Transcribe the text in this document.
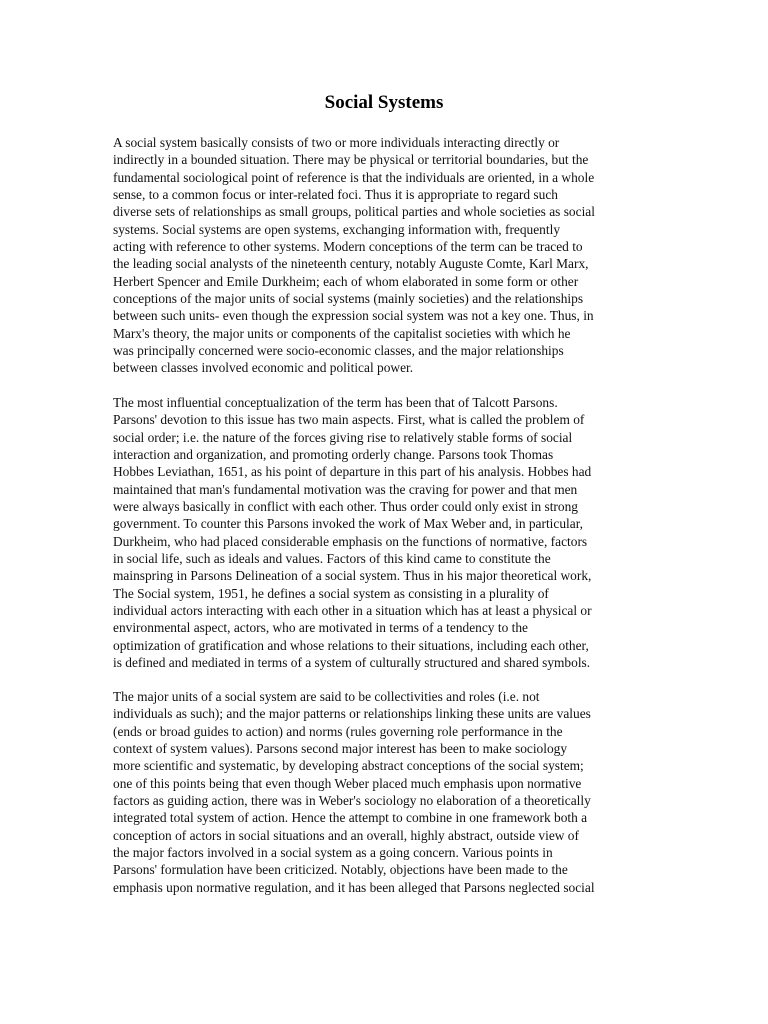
Social Systems

A social system basically consists of two or more individuals interacting directly or
indirectly in a bounded situation. There may be physical or territorial boundaries, but the
fundamental sociological point of reference is that the individuals are oriented, in a whole
sense, to a common focus or inter-related foci. Thus it is appropriate to regard such
diverse sets of relationships as small groups, political parties and whole societies as social
systems. Social systems are open systems, exchanging information with, frequently
acting with reference to other systems. Modern conceptions of the term can be traced to
the leading social analysts of the nineteenth century, notably Auguste Comte, Karl Marx,
Herbert Spencer and Emile Durkheim; each of whom elaborated in some form or other
conceptions of the major units of social systems (mainly societies) and the relationships
between such units- even though the expression social system was not a key one. Thus, in
Marx's theory, the major units or components of the capitalist societies with which he
was principally concerned were socio-economic classes, and the major relationships
between classes involved economic and political power.

The most influential conceptualization of the term has been that of Talcott Parsons.
Parsons' devotion to this issue has two main aspects. First, what is called the problem of
social order; i.e. the nature of the forces giving rise to relatively stable forms of social
interaction and organization, and promoting orderly change. Parsons took Thomas
Hobbes Leviathan, 1651, as his point of departure in this part of his analysis. Hobbes had
maintained that man's fundamental motivation was the craving for power and that men
were always basically in conflict with each other. Thus order could only exist in strong
government. To counter this Parsons invoked the work of Max Weber and, in particular,
Durkheim, who had placed considerable emphasis on the functions of normative, factors
in social life, such as ideals and values. Factors of this kind came to constitute the
mainspring in Parsons Delineation of a social system. Thus in his major theoretical work,
The Social system, 1951, he defines a social system as consisting in a plurality of
individual actors interacting with each other in a situation which has at least a physical or
environmental aspect, actors, who are motivated in terms of a tendency to the
optimization of gratification and whose relations to their situations, including each other,
is defined and mediated in terms of a system of culturally structured and shared symbols.

The major units of a social system are said to be collectivities and roles (i.e. not
individuals as such); and the major patterns or relationships linking these units are values
(ends or broad guides to action) and norms (rules governing role performance in the
context of system values). Parsons second major interest has been to make sociology
more scientific and systematic, by developing abstract conceptions of the social system;
one of this points being that even though Weber placed much emphasis upon normative
factors as guiding action, there was in Weber's sociology no elaboration of a theoretically
integrated total system of action. Hence the attempt to combine in one framework both a
conception of actors in social situations and an overall, highly abstract, outside view of
the major factors involved in a social system as a going concern. Various points in
Parsons' formulation have been criticized. Notably, objections have been made to the
emphasis upon normative regulation, and it has been alleged that Parsons neglected social
